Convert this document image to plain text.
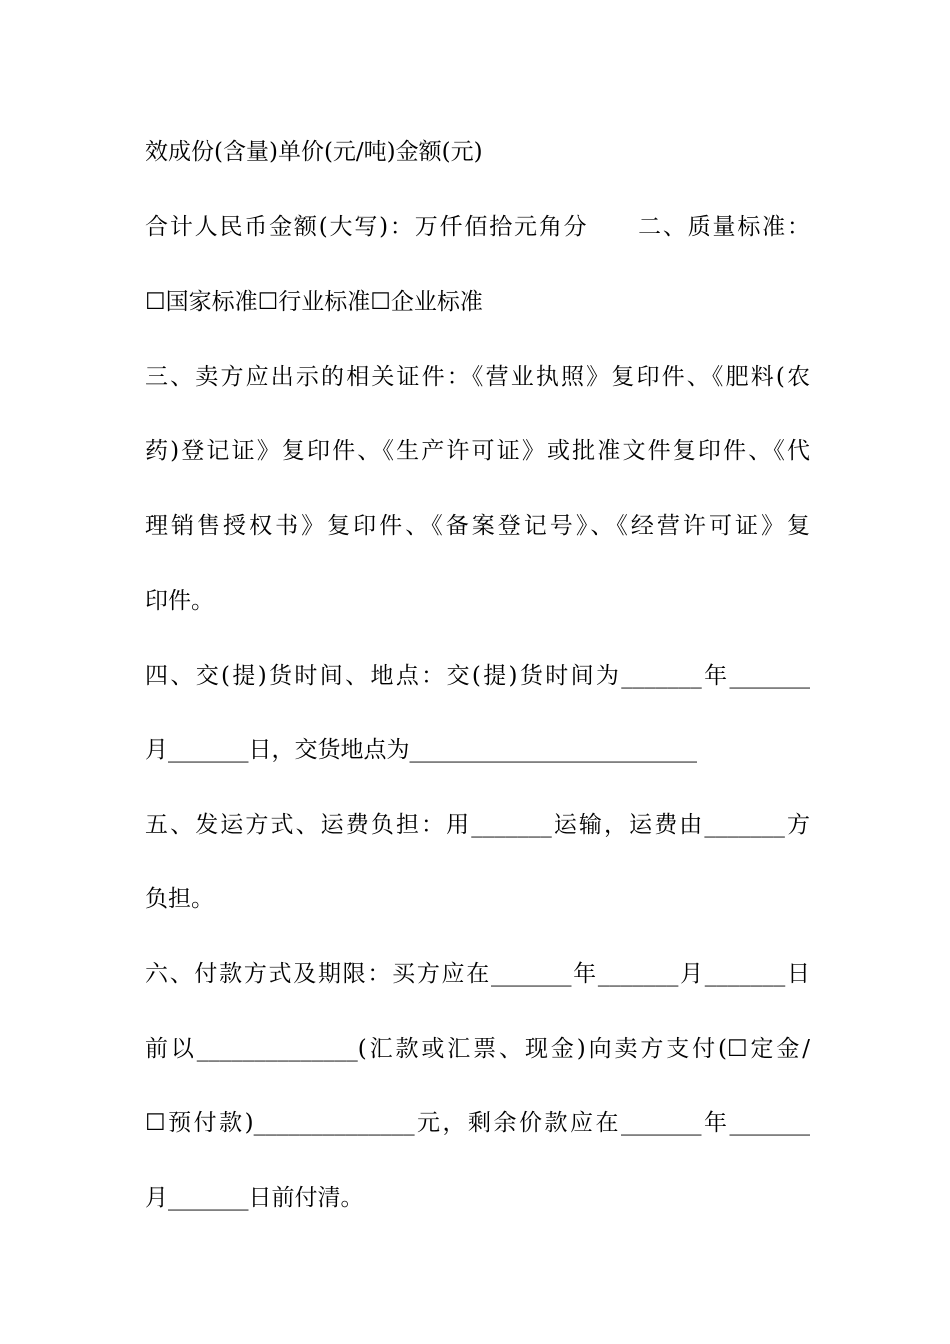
效成份(含量)单价(元/吨)金额(元)
合计人民币金额(大写)：万仟佰拾元角分　　二、质量标准：
☐国家标准☐行业标准☐企业标准
三、卖方应出示的相关证件：《营业执照》复印件、《肥料(农
药)登记证》复印件、《生产许可证》或批准文件复印件、《代
理销售授权书》复印件、《备案登记号》、《经营许可证》复
印件。
四、交(提)货时间、地点：交(提)货时间为_______年_______
月_______日，交货地点为_________________________
五、发运方式、运费负担：用_______运输，运费由_______方
负担。
六、付款方式及期限：买方应在_______年_______月_______日
前以______________(汇款或汇票、现金)向卖方支付(☐定金/
☐预付款)______________元，剩余价款应在_______年_______
月_______日前付清。
